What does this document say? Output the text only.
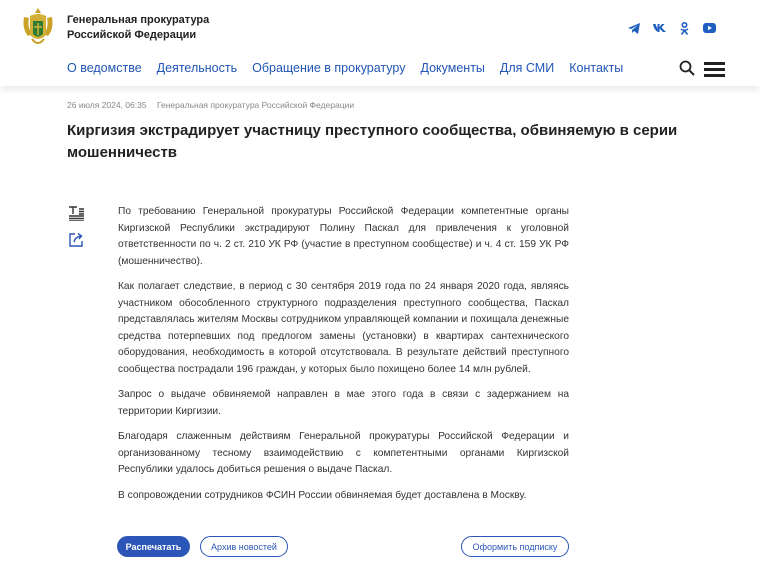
Генеральная прокуратура
Российской Федерации
О ведомстве Деятельность Обращение в прокуратуру Документы Для СМИ Контакты
26 июля 2024, 06:35 Генеральная прокуратура Российской Федерации
Киргизия экстрадирует участницу преступного сообщества, обвиняемую в серии мошенничеств

По требованию Генеральной прокуратуры Российской Федерации компетентные органы Киргизской Республики экстрадируют Полину Паскал для привлечения к уголовной ответственности по ч. 2 ст. 210 УК РФ (участие в преступном сообществе) и ч. 4 ст. 159 УК РФ (мошенничество).

Как полагает следствие, в период с 30 сентября 2019 года по 24 января 2020 года, являясь участником обособленного структурного подразделения преступного сообщества, Паскал представлялась жителям Москвы сотрудником управляющей компании и похищала денежные средства потерпевших под предлогом замены (установки) в квартирах сантехнического оборудования, необходимость в которой отсутствовала. В результате действий преступного сообщества пострадали 196 граждан, у которых было похищено более 14 млн рублей.

Запрос о выдаче обвиняемой направлен в мае этого года в связи с задержанием на территории Киргизии.

Благодаря слаженным действиям Генеральной прокуратуры Российской Федерации и организованному тесному взаимодействию с компетентными органами Киргизской Республики удалось добиться решения о выдаче Паскал.

В сопровождении сотрудников ФСИН России обвиняемая будет доставлена в Москву.

Распечатать	Архив новостей	Оформить подписку
